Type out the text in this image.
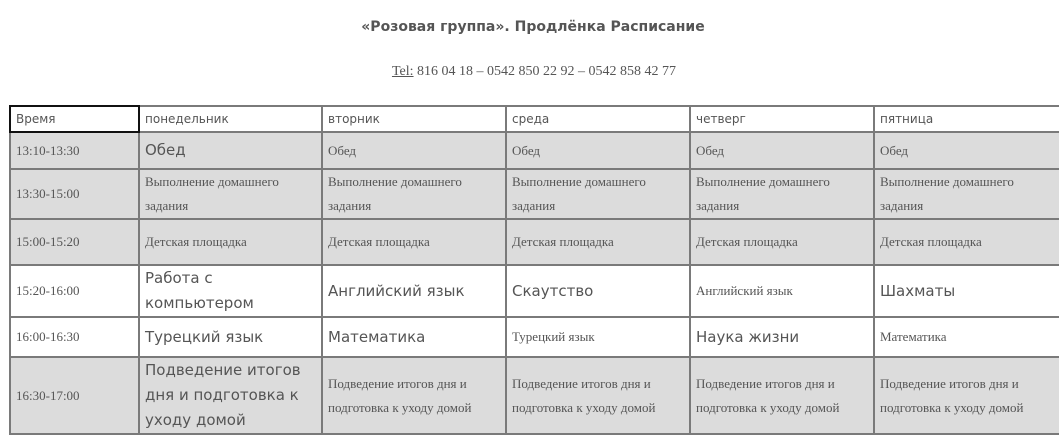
«Розовая группа». Продлёнка Расписание
Tel: 816 04 18 – 0542 850 22 92 – 0542 858 42 77
Время	понедельник	вторник	среда	четверг	пятница
13:10-13:30	Обед	Обед	Обед	Обед	Обед
13:30-15:00	Выполнение домашнего задания	Выполнение домашнего задания	Выполнение домашнего задания	Выполнение домашнего задания	Выполнение домашнего задания
15:00-15:20	Детская площадка	Детская площадка	Детская площадка	Детская площадка	Детская площадка
15:20-16:00	Работа с компьютером	Английский язык	Скаутство	Английский язык	Шахматы
16:00-16:30	Турецкий язык	Математика	Турецкий язык	Наука жизни	Математика
16:30-17:00	Подведение итогов дня и подготовка к уходу домой	Подведение итогов дня и подготовка к уходу домой	Подведение итогов дня и подготовка к уходу домой	Подведение итогов дня и подготовка к уходу домой	Подведение итогов дня и подготовка к уходу домой
